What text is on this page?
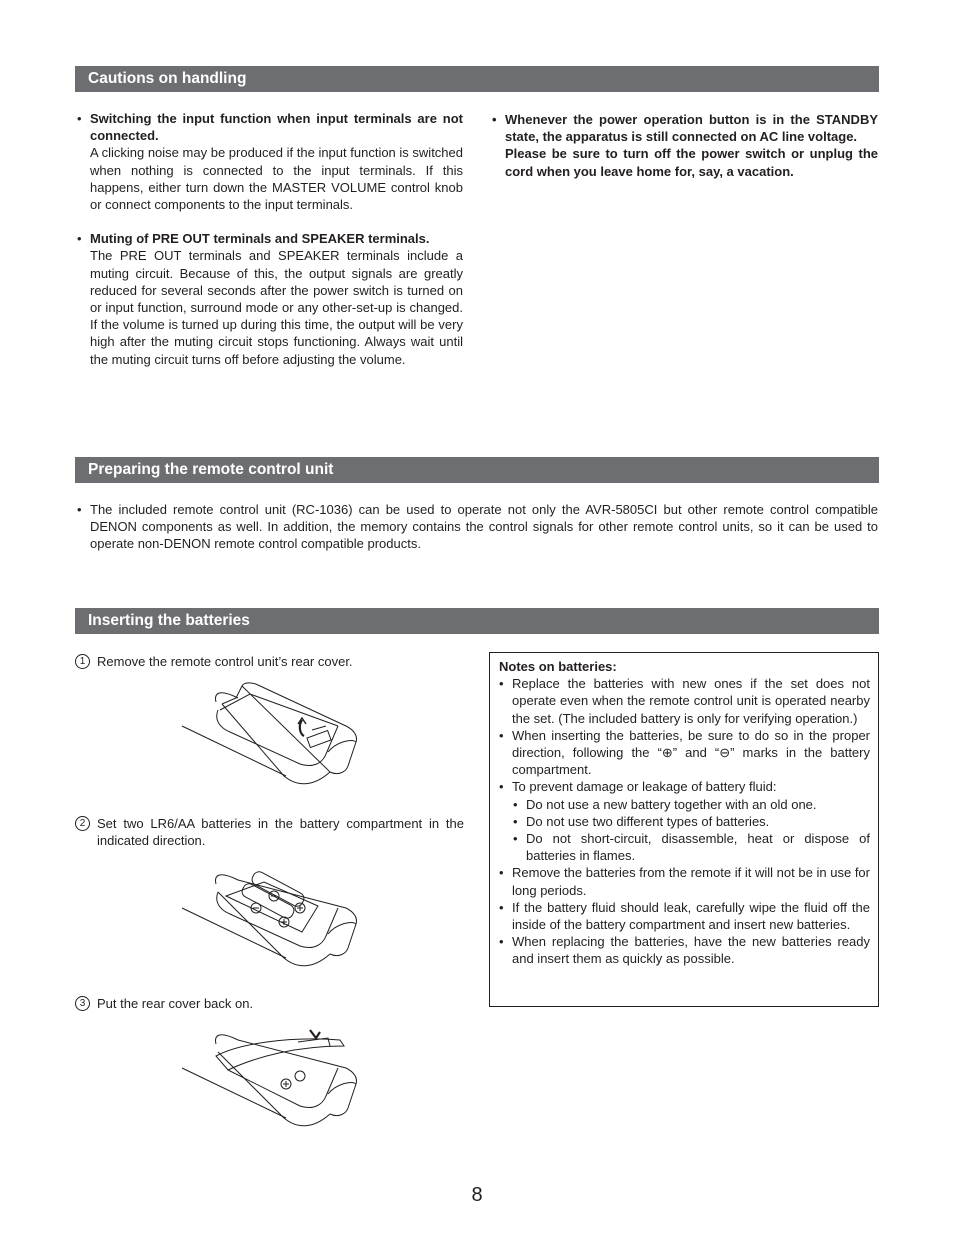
Cautions on handling
• Switching the input function when input terminals are not connected.

A clicking noise may be produced if the input function is switched when nothing is connected to the input terminals. If this happens, either turn down the MASTER VOLUME control knob or connect components to the input terminals.

• Muting of PRE OUT terminals and SPEAKER terminals.

The PRE OUT terminals and SPEAKER terminals include a muting circuit. Because of this, the output signals are greatly reduced for several seconds after the power switch is turned on or input function, surround mode or any other-set-up is changed. If the volume is turned up during this time, the output will be very high after the muting circuit stops functioning. Always wait until the muting circuit turns off before adjusting the volume.

• Whenever the power operation button is in the STANDBY state, the apparatus is still connected on AC line voltage.

Please be sure to turn off the power switch or unplug the cord when you leave home for, say, a vacation.

Preparing the remote control unit
• The included remote control unit (RC-1036) can be used to operate not only the AVR-5805CI but other remote control compatible DENON components as well. In addition, the memory contains the control signals for other remote control units, so it can be used to operate non-DENON remote control compatible products.

Inserting the batteries
1 Remove the remote control unit’s rear cover.

2 Set two LR6/AA batteries in the battery compartment in the indicated direction.

3 Put the rear cover back on.

Notes on batteries:

• Replace the batteries with new ones if the set does not operate even when the remote control unit is operated nearby the set. (The included battery is only for verifying operation.)

• When inserting the batteries, be sure to do so in the proper direction, following the “⊕” and “⊖” marks in the battery compartment.

• To prevent damage or leakage of battery fluid:

• Do not use a new battery together with an old one.

• Do not use two different types of batteries.

• Do not short-circuit, disassemble, heat or dispose of batteries in flames.

• Remove the batteries from the remote if it will not be in use for long periods.

• If the battery fluid should leak, carefully wipe the fluid off the inside of the battery compartment and insert new batteries.

• When replacing the batteries, have the new batteries ready and insert them as quickly as possible.

8
